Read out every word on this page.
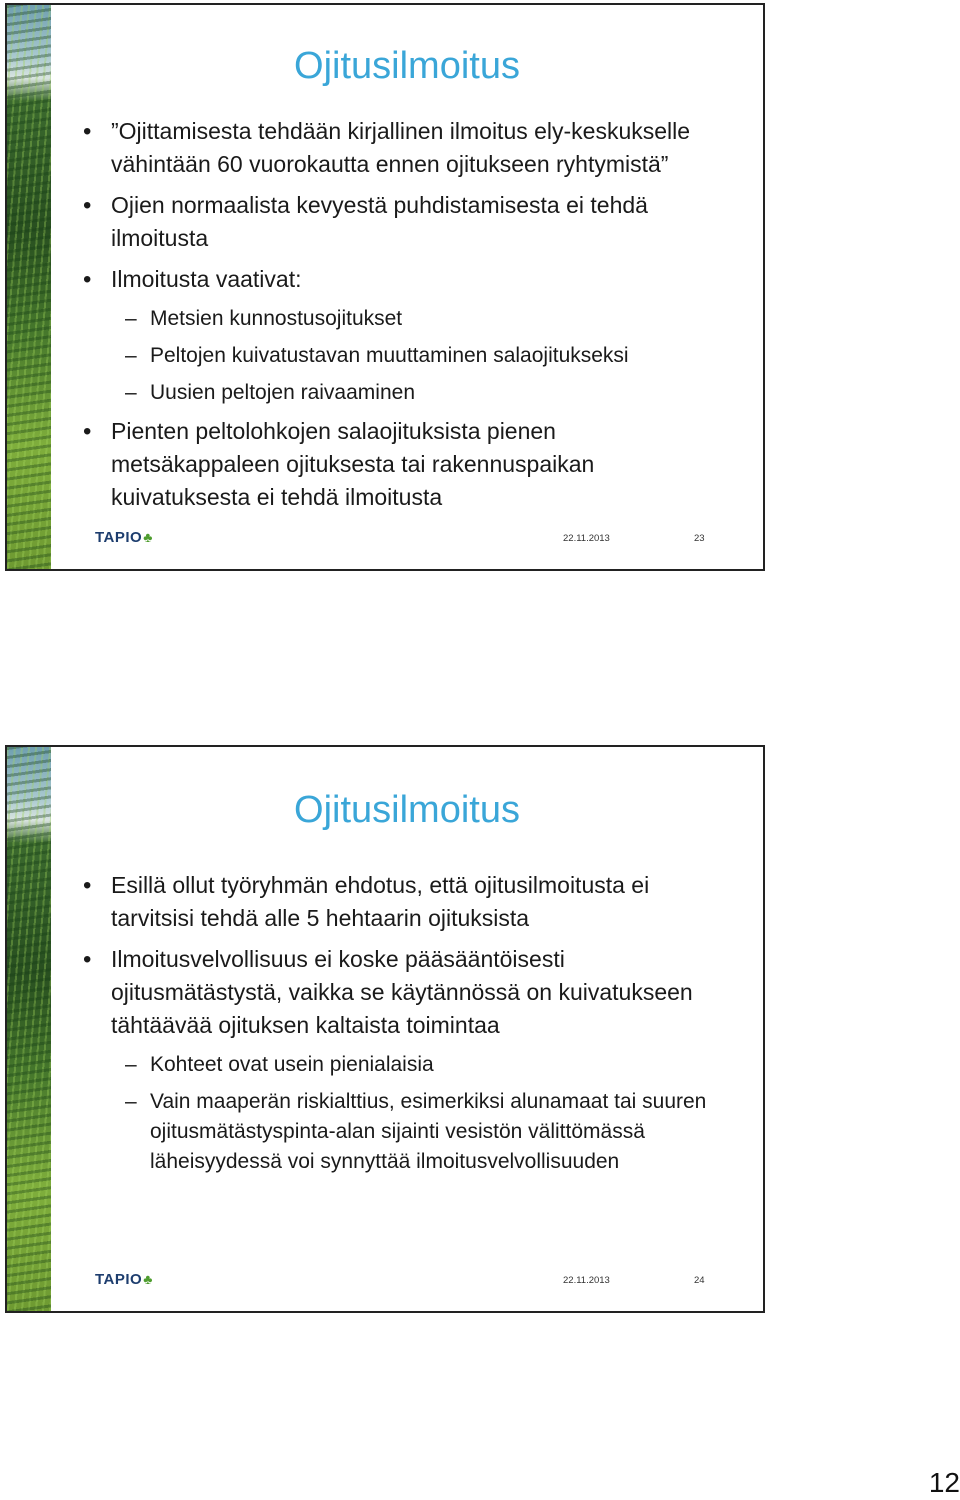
Ojitusilmoitus
• ”Ojittamisesta tehdään kirjallinen ilmoitus ely-keskukselle vähintään 60 vuorokautta ennen ojitukseen ryhtymistä”
• Ojien normaalista kevyestä puhdistamisesta ei tehdä ilmoitusta
• Ilmoitusta vaativat:
– Metsien kunnostusojitukset
– Peltojen kuivatustavan muuttaminen salaojitukseksi
– Uusien peltojen raivaaminen
• Pienten peltolohkojen salaojituksista pienen metsäkappaleen ojituksesta tai rakennuspaikan kuivatuksesta ei tehdä ilmoitusta
TAPIO♣	22.11.2013	23
Ojitusilmoitus
• Esillä ollut työryhmän ehdotus, että ojitusilmoitusta ei tarvitsisi tehdä alle 5 hehtaarin ojituksista
• Ilmoitusvelvollisuus ei koske pääsääntöisesti ojitusmätästystä, vaikka se käytännössä on kuivatukseen tähtäävää ojituksen kaltaista toimintaa
– Kohteet ovat usein pienialaisia
– Vain maaperän riskialttius, esimerkiksi alunamaat tai suuren ojitusmätästyspinta-alan sijainti vesistön välittömässä läheisyydessä voi synnyttää ilmoitusvelvollisuuden
TAPIO♣	22.11.2013	24
12
